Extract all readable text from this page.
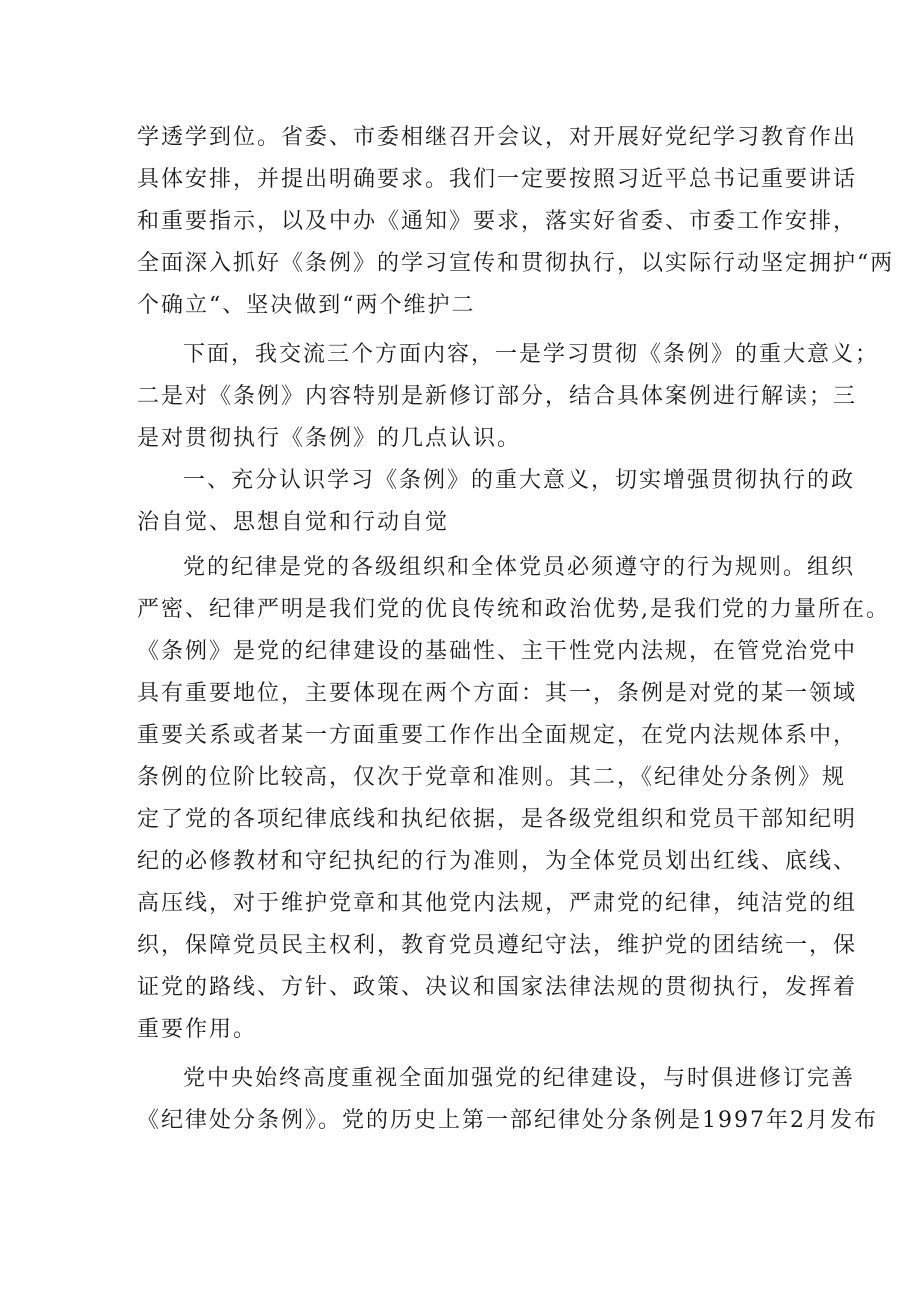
学透学到位。省委、市委相继召开会议，对开展好党纪学习教育作出
具体安排，并提出明确要求。我们一定要按照习近平总书记重要讲话
和重要指示，以及中办《通知》要求，落实好省委、市委工作安排，
全面深入抓好《条例》的学习宣传和贯彻执行，以实际行动坚定拥护“两
个确立“、坚决做到“两个维护二
下面，我交流三个方面内容，一是学习贯彻《条例》的重大意义；
二是对《条例》内容特别是新修订部分，结合具体案例进行解读；三
是对贯彻执行《条例》的几点认识。
一、充分认识学习《条例》的重大意义，切实增强贯彻执行的政
治自觉、思想自觉和行动自觉
党的纪律是党的各级组织和全体党员必须遵守的行为规则。组织
严密、纪律严明是我们党的优良传统和政治优势,是我们党的力量所在。
《条例》是党的纪律建设的基础性、主干性党内法规，在管党治党中
具有重要地位，主要体现在两个方面：其一，条例是对党的某一领域
重要关系或者某一方面重要工作作出全面规定，在党内法规体系中，
条例的位阶比较高，仅次于党章和准则。其二，《纪律处分条例》规
定了党的各项纪律底线和执纪依据，是各级党组织和党员干部知纪明
纪的必修教材和守纪执纪的行为准则，为全体党员划出红线、底线、
高压线，对于维护党章和其他党内法规，严肃党的纪律，纯洁党的组
织，保障党员民主权利，教育党员遵纪守法，维护党的团结统一，保
证党的路线、方针、政策、决议和国家法律法规的贯彻执行，发挥着
重要作用。
党中央始终高度重视全面加强党的纪律建设，与时俱进修订完善
《纪律处分条例》。党的历史上第一部纪律处分条例是1997年2月发布
